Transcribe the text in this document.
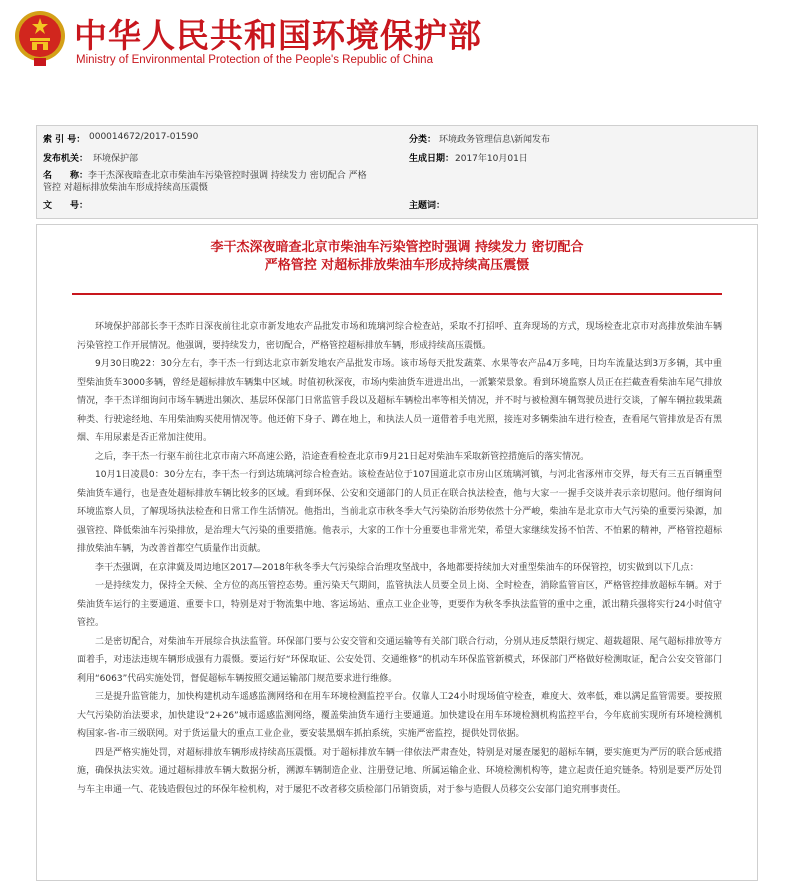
中华人民共和国环境保护部
Ministry of Environmental Protection of the People's Republic of China
索 引 号： 000014672/2017-01590	分类： 环境政务管理信息\新闻发布
发布机关： 环境保护部	生成日期： 2017年10月01日
名　　称：李干杰深夜暗查北京市柴油车污染管控时强调 持续发力 密切配合 严格管控 对超标排放柴油车形成持续高压震慑
文　　号：	主题词：
李干杰深夜暗查北京市柴油车污染管控时强调 持续发力 密切配合
严格管控 对超标排放柴油车形成持续高压震慑

环境保护部部长李干杰昨日深夜前往北京市新发地农产品批发市场和琉璃河综合检查站，采取不打招呼、直奔现场的方式，现场检查北京市对高排放柴油车辆污染管控工作开展情况。他强调，要持续发力，密切配合，严格管控超标排放车辆，形成持续高压震慑。

9月30日晚22：30分左右，李干杰一行到达北京市新发地农产品批发市场。该市场每天批发蔬菜、水果等农产品4万多吨，日均车流量达到3万多辆，其中重型柴油货车3000多辆，曾经是超标排放车辆集中区域。时值初秋深夜，市场内柴油货车进进出出，一派繁荣景象。看到环境监察人员正在拦截查看柴油车尾气排放情况，李干杰详细询问市场车辆进出频次、基层环保部门日常监管手段以及超标车辆检出率等相关情况，并不时与被检测车辆驾驶员进行交谈，了解车辆拉载果蔬种类、行驶途经地、车用柴油购买使用情况等。他还俯下身子、蹲在地上，和执法人员一道借着手电光照，接连对多辆柴油车进行检查，查看尾气管排放是否有黑烟、车用尿素是否正常加注使用。

之后，李干杰一行驱车前往北京市南六环高速公路，沿途查看检查北京市9月21日起对柴油车采取新管控措施后的落实情况。

10月1日凌晨0：30分左右，李干杰一行到达琉璃河综合检查站。该检查站位于107国道北京市房山区琉璃河镇，与河北省涿州市交界，每天有三五百辆重型柴油货车通行，也是查处超标排放车辆比较多的区域。看到环保、公安和交通部门的人员正在联合执法检查，他与大家一一握手交谈并表示亲切慰问。他仔细询问环境监察人员，了解现场执法检查和日常工作生活情况。他指出，当前北京市秋冬季大气污染防治形势依然十分严峻，柴油车是北京市大气污染的重要污染源，加强管控、降低柴油车污染排放，是治理大气污染的重要措施。他表示，大家的工作十分重要也非常光荣，希望大家继续发扬不怕苦、不怕累的精神，严格管控超标排放柴油车辆，为改善首都空气质量作出贡献。

李干杰强调，在京津冀及周边地区2017—2018年秋冬季大气污染综合治理攻坚战中，各地都要持续加大对重型柴油车的环保管控，切实做到以下几点：

一是持续发力，保持全天候、全方位的高压管控态势。重污染天气期间，监管执法人员要全员上岗、全时检查，消除监管盲区，严格管控排放超标车辆。对于柴油货车运行的主要通道、重要卡口，特别是对于物流集中地、客运场站、重点工业企业等，更要作为秋冬季执法监管的重中之重，派出精兵强将实行24小时值守管控。

二是密切配合，对柴油车开展综合执法监管。环保部门要与公安交管和交通运输等有关部门联合行动，分别从违反禁限行规定、超载超限、尾气超标排放等方面着手，对违法违规车辆形成强有力震慑。要运行好“环保取证、公安处罚、交通维修”的机动车环保监管新模式，环保部门严格做好检测取证，配合公安交管部门利用“6063”代码实施处罚，督促超标车辆按照交通运输部门规范要求进行维修。

三是提升监管能力，加快构建机动车遥感监测网络和在用车环境检测监控平台。仅靠人工24小时现场值守检查，难度大、效率低，难以满足监管需要。要按照大气污染防治法要求，加快建设“2+26”城市遥感监测网络，覆盖柴油货车通行主要通道。加快建设在用车环境检测机构监控平台，今年底前实现所有环境检测机构国家-省-市三级联网。对于货运量大的重点工业企业，要安装黑烟车抓拍系统，实施严密监控，提供处罚依据。

四是严格实施处罚，对超标排放车辆形成持续高压震慑。对于超标排放车辆一律依法严肃查处，特别是对屡查屡犯的超标车辆，要实施更为严厉的联合惩戒措施，确保执法实效。通过超标排放车辆大数据分析，溯源车辆制造企业、注册登记地、所属运输企业、环境检测机构等，建立起责任追究链条。特别是要严厉处罚与车主串通一气、花钱造假包过的环保年检机构，对于屡犯不改者移交质检部门吊销资质，对于参与造假人员移交公安部门追究刑事责任。
